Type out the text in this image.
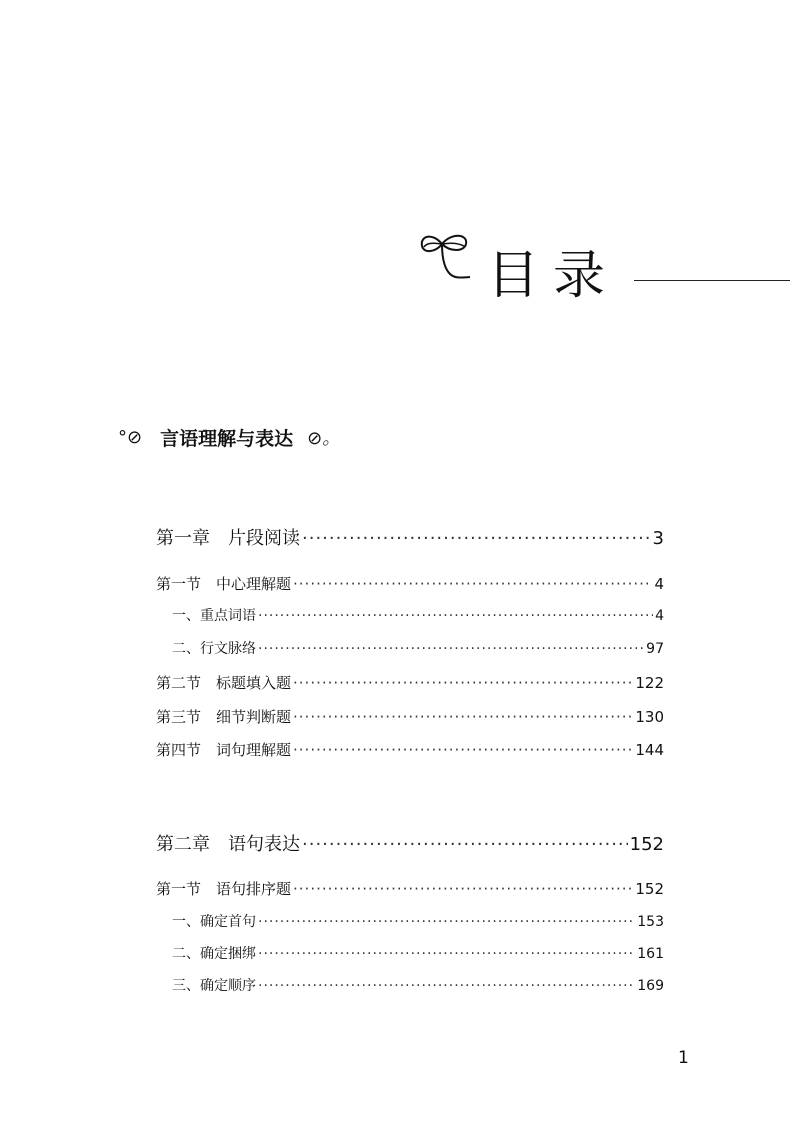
目录
°⊘ 言语理解与表达 ⊘。
第一章　片段阅读 ·····	3
第一节　中心理解题 ·····	4
一、重点词语 ·····	4
二、行文脉络 ·····	97
第二节　标题填入题 ·····	122
第三节　细节判断题 ·····	130
第四节　词句理解题 ·····	144
第二章　语句表达 ·····	152
第一节　语句排序题 ·····	152
一、确定首句 ·····	153
二、确定捆绑 ·····	161
三、确定顺序 ·····	169
1
